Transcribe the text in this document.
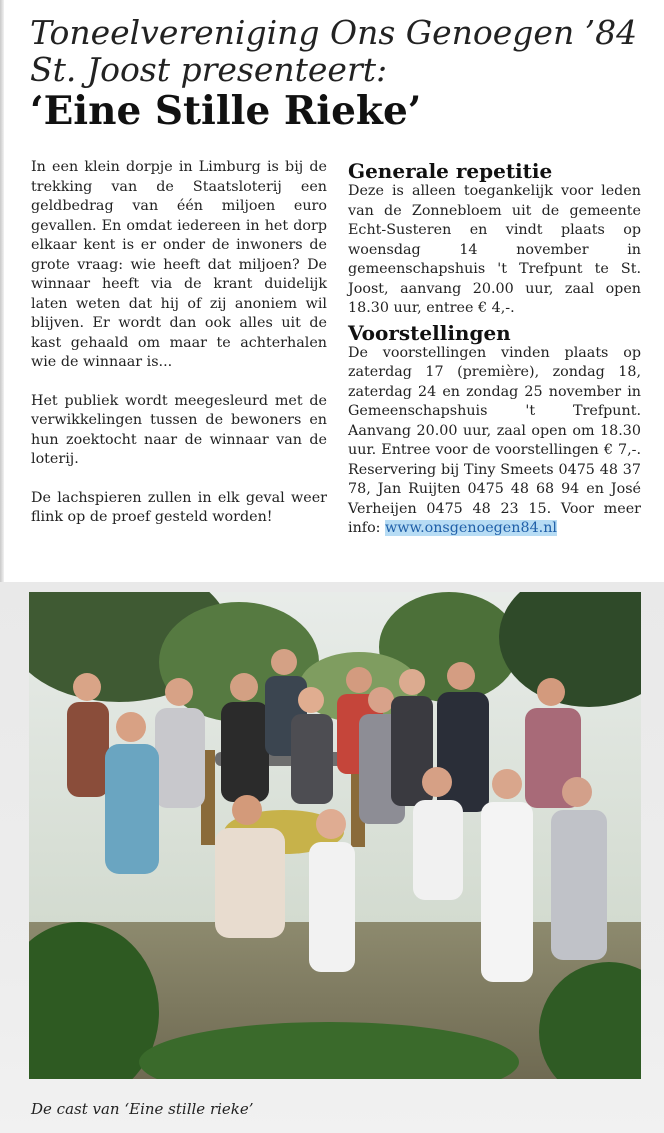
Toneelvereniging Ons Genoegen ’84
St. Joost presenteert:
‘Eine Stille Rieke’

In een klein dorpje in Limburg is bij de trekking van de Staatsloterij een geldbedrag van één miljoen euro gevallen. En omdat iedereen in het dorp elkaar kent is er onder de inwoners de grote vraag: wie heeft dat miljoen? De winnaar heeft via de krant duidelijk laten weten dat hij of zij anoniem wil blijven. Er wordt dan ook alles uit de kast gehaald om maar te achterhalen wie de winnaar is...

Het publiek wordt meegesleurd met de verwikkelingen tussen de bewoners en hun zoektocht naar de winnaar van de loterij.

De lachspieren zullen in elk geval weer flink op de proef gesteld worden!

Generale repetitie

Deze is alleen toegankelijk voor leden van de Zonnebloem uit de gemeente Echt-Susteren en vindt plaats op woensdag 14 november in gemeenschapshuis 't Trefpunt te St. Joost, aanvang 20.00 uur, zaal open 18.30 uur, entree € 4,-.

Voorstellingen

De voorstellingen vinden plaats op zaterdag 17 (première), zondag 18, zaterdag 24 en zondag 25 november in Gemeenschapshuis 't Trefpunt. Aanvang 20.00 uur, zaal open om 18.30 uur. Entree voor de voorstellingen € 7,-. Reservering bij Tiny Smeets 0475 48 37 78, Jan Ruijten 0475 48 68 94 en José Verheijen 0475 48 23 15. Voor meer info: www.onsgenoegen84.nl

De cast van ‘Eine stille rieke’
